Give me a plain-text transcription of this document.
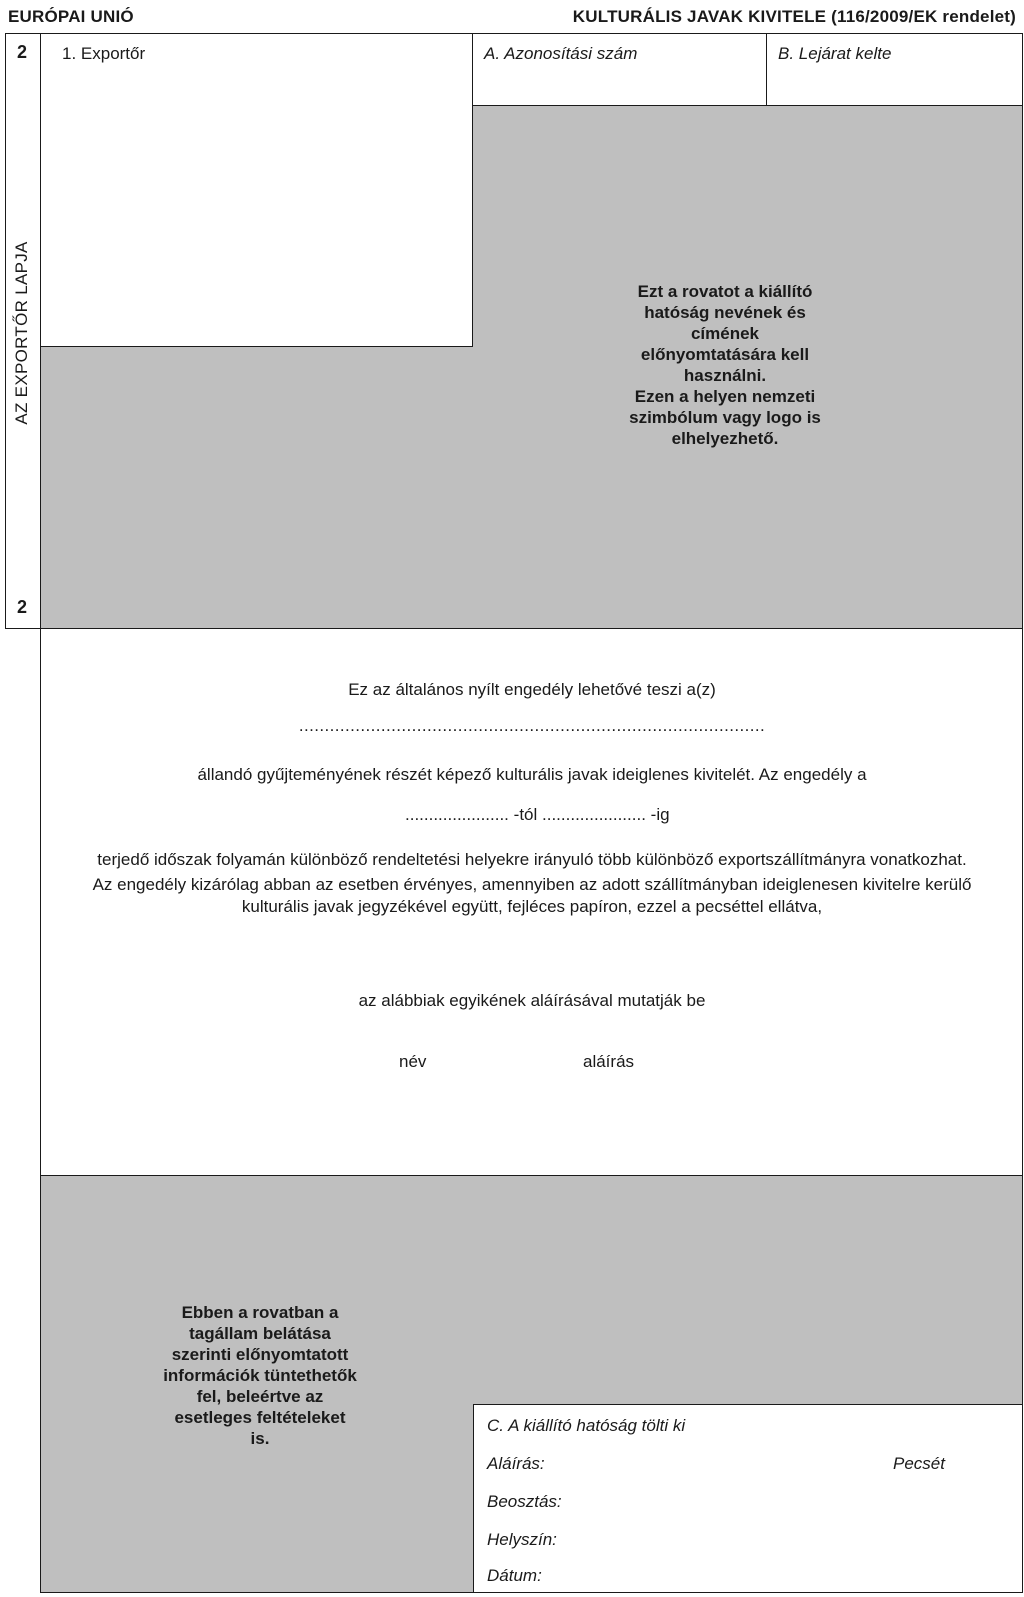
EURÓPAI UNIÓ	KULTURÁLIS JAVAK KIVITELE (116/2009/EK rendelet)
2
AZ EXPORTŐR LAPJA
2
1. Exportőr	A. Azonosítási szám	B. Lejárat kelte
Ezt a rovatot a kiállító
hatóság nevének és
címének
előnyomtatására kell
használni.
Ezen a helyen nemzeti
szimbólum vagy logo is
elhelyezhető.
Ez az általános nyílt engedély lehetővé teszi a(z)
...........................................................................................
állandó gyűjteményének részét képező kulturális javak ideiglenes kivitelét. Az engedély a
...................... -tól ...................... -ig
terjedő időszak folyamán különböző rendeltetési helyekre irányuló több különböző exportszállítmányra vonatkozhat.
Az engedély kizárólag abban az esetben érvényes, amennyiben az adott szállítmányban ideiglenesen kivitelre kerülő
kulturális javak jegyzékével együtt, fejléces papíron, ezzel a pecséttel ellátva,
az alábbiak egyikének aláírásával mutatják be
név	aláírás
Ebben a rovatban a
tagállam belátása
szerinti előnyomtatott
információk tüntethetők
fel, beleértve az
esetleges feltételeket
is.
C. A kiállító hatóság tölti ki
Aláírás:	Pecsét
Beosztás:
Helyszín:
Dátum:
